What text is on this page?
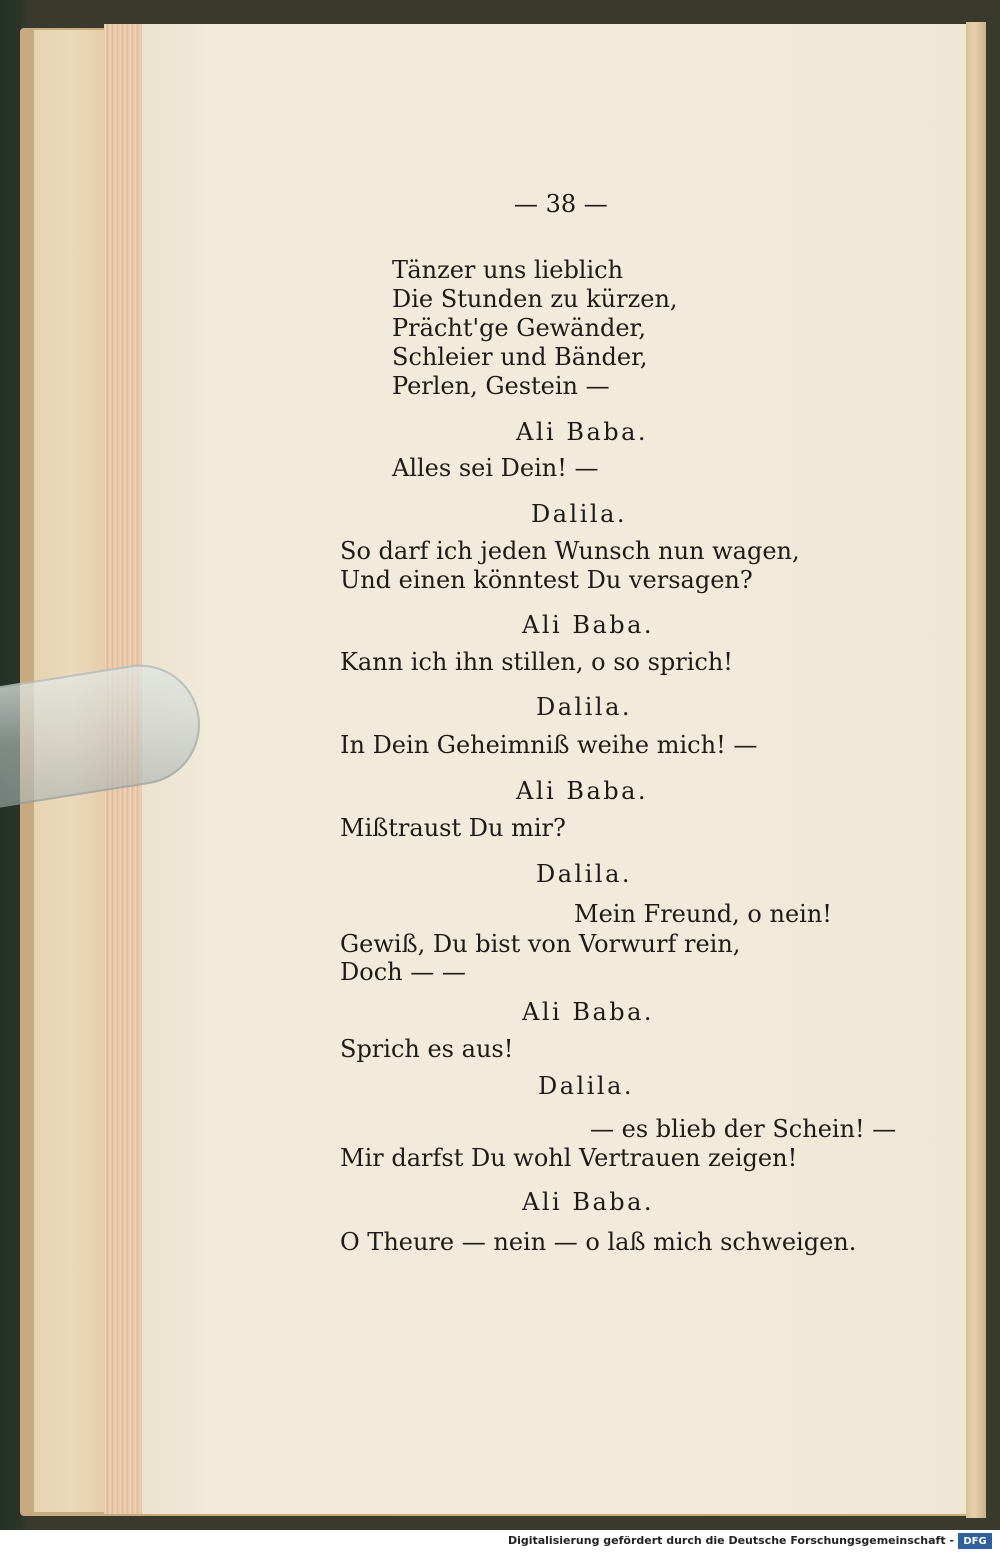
— 38 —
Tänzer uns lieblich
Die Stunden zu kürzen,
Prächt'ge Gewänder,
Schleier und Bänder,
Perlen, Gestein —
Ali Baba.
Alles sei Dein! —
Dalila.
So darf ich jeden Wunsch nun wagen,
Und einen könntest Du versagen?
Ali Baba.
Kann ich ihn stillen, o so sprich!
Dalila.
In Dein Geheimniß weihe mich! —
Ali Baba.
Mißtraust Du mir?
Dalila.
Mein Freund, o nein!
Gewiß, Du bist von Vorwurf rein,
Doch — —
Ali Baba.
Sprich es aus!
Dalila.
— es blieb der Schein! —
Mir darfst Du wohl Vertrauen zeigen!
Ali Baba.
O Theure — nein — o laß mich schweigen.
Digitalisierung gefördert durch die Deutsche Forschungsgemeinschaft - DFG
